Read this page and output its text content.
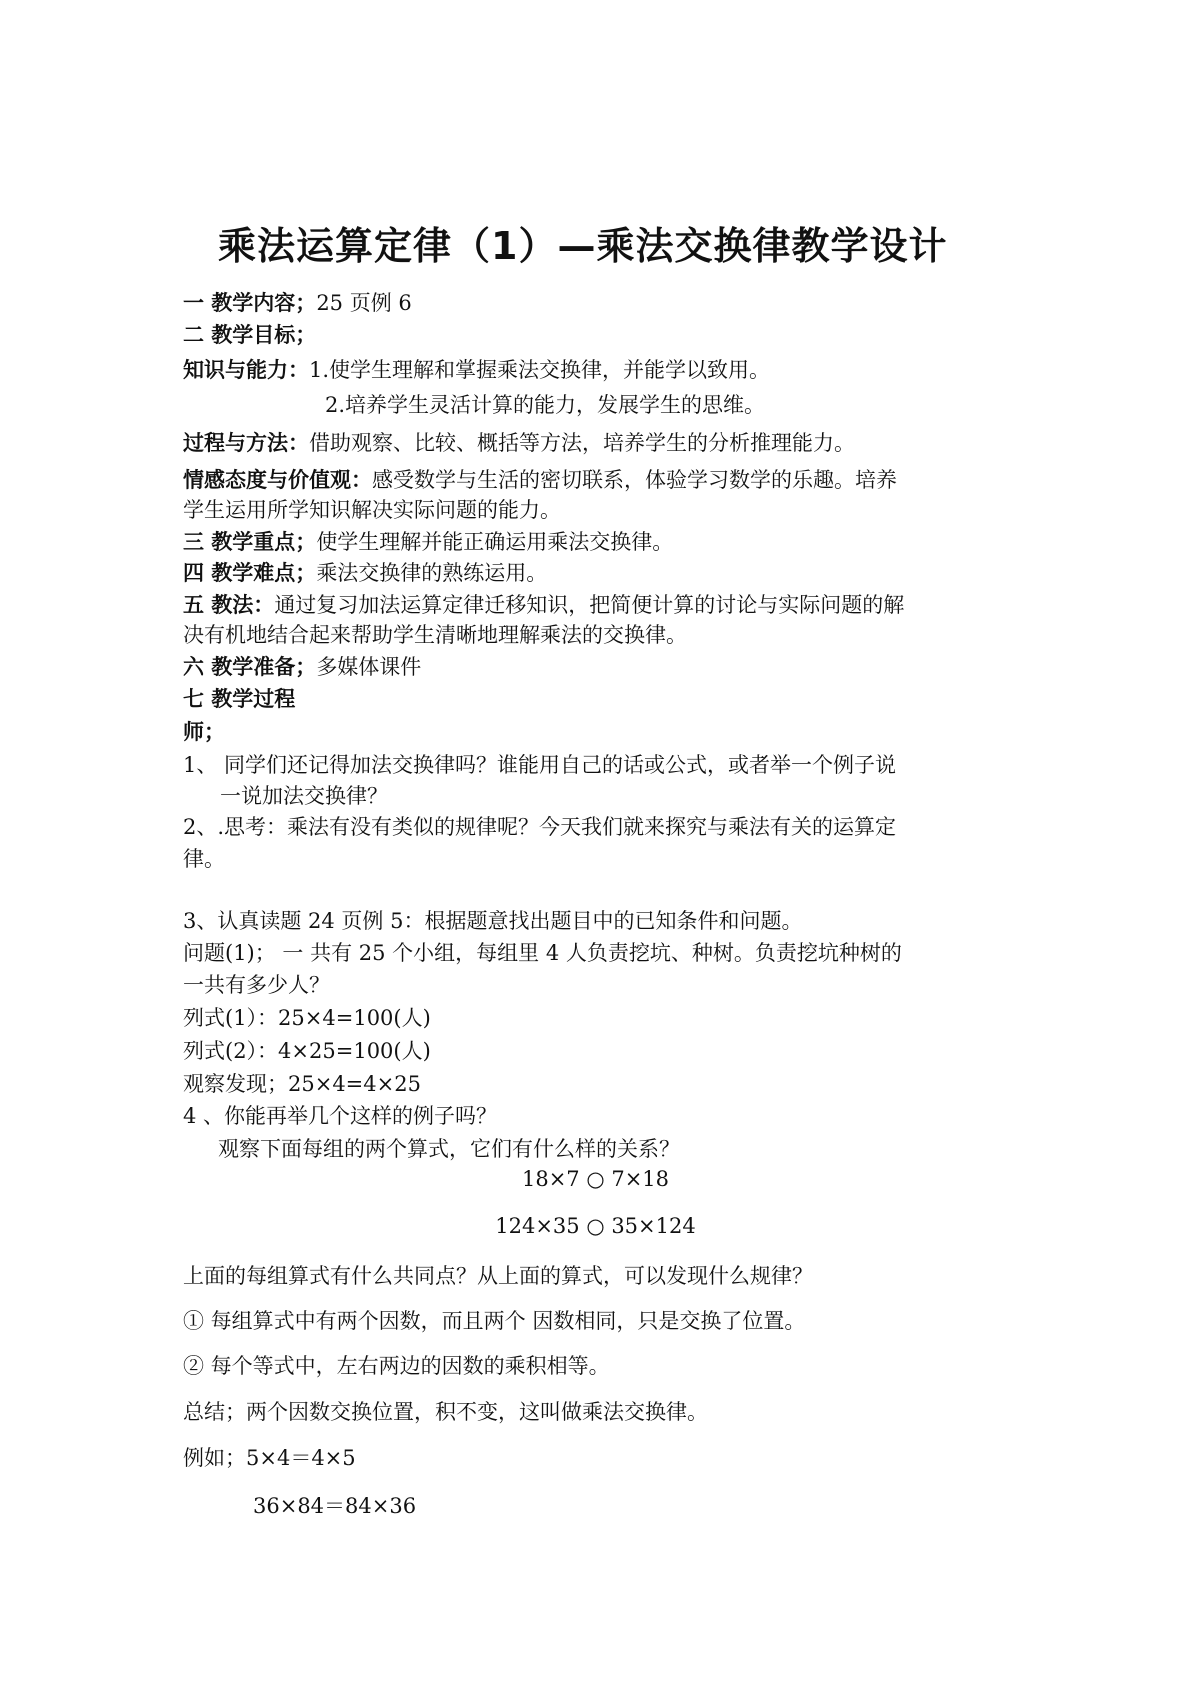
乘法运算定律（1）—乘法交换律教学设计
一 教学内容；25 页例 6
二 教学目标；
知识与能力：1.使学生理解和掌握乘法交换律，并能学以致用。
2.培养学生灵活计算的能力，发展学生的思维。
过程与方法：借助观察、比较、概括等方法，培养学生的分析推理能力。
情感态度与价值观：感受数学与生活的密切联系，体验学习数学的乐趣。培养
学生运用所学知识解决实际问题的能力。
三 教学重点；使学生理解并能正确运用乘法交换律。
四 教学难点；乘法交换律的熟练运用。
五 教法：通过复习加法运算定律迁移知识，把简便计算的讨论与实际问题的解
决有机地结合起来帮助学生清晰地理解乘法的交换律。
六 教学准备；多媒体课件
七 教学过程
师；
1、 同学们还记得加法交换律吗？谁能用自己的话或公式，或者举一个例子说
一说加法交换律？
2、.思考：乘法有没有类似的规律呢？今天我们就来探究与乘法有关的运算定
律。
3、认真读题 24 页例 5：根据题意找出题目中的已知条件和问题。
问题(1)； 一 共有 25 个小组，每组里 4 人负责挖坑、种树。负责挖坑种树的
一共有多少人？
列式(1）：25×4=100(人)
列式(2）：4×25=100(人)
观察发现；25×4=4×25
4 、你能再举几个这样的例子吗？
观察下面每组的两个算式，它们有什么样的关系？
18×7 ○ 7×18
124×35 ○ 35×124
上面的每组算式有什么共同点？从上面的算式，可以发现什么规律？
① 每组算式中有两个因数，而且两个 因数相同，只是交换了位置。
② 每个等式中，左右两边的因数的乘积相等。
总结；两个因数交换位置，积不变，这叫做乘法交换律。
例如；5×4＝4×5
36×84＝84×36
